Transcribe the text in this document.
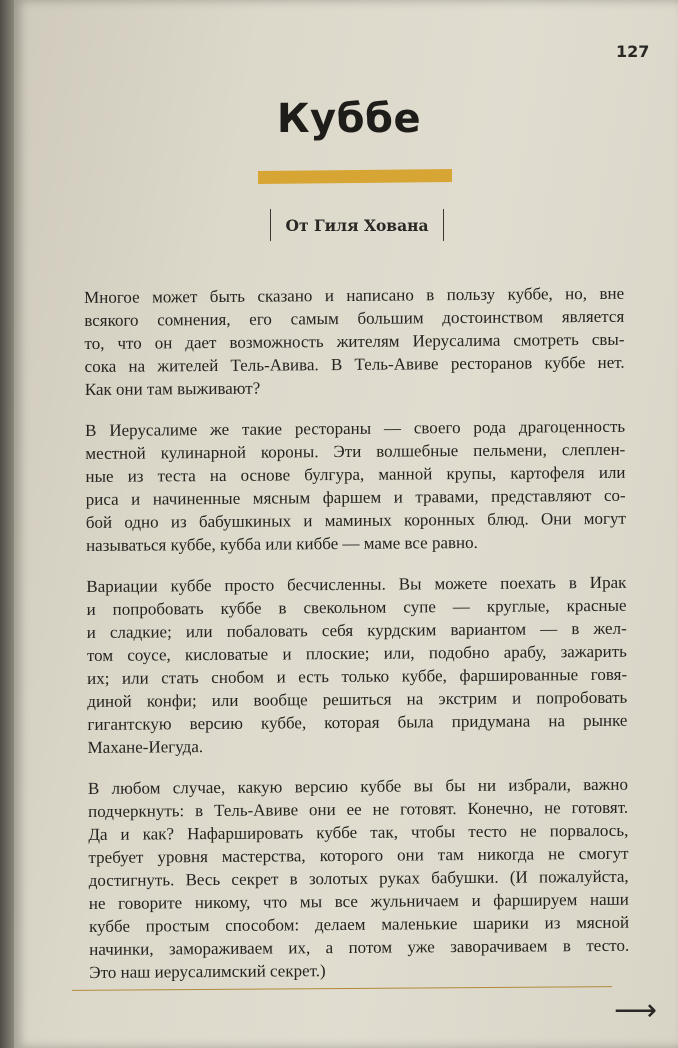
127
Куббе
От Гиля Хована
Многое может быть сказано и написано в пользу куббе, но, вне
всякого сомнения, его самым большим достоинством является
то, что он дает возможность жителям Иерусалима смотреть свы-
сока на жителей Тель-Авива. В Тель-Авиве ресторанов куббе нет.
Как они там выживают?
В Иерусалиме же такие рестораны — своего рода драгоценность
местной кулинарной короны. Эти волшебные пельмени, слеплен-
ные из теста на основе булгура, манной крупы, картофеля или
риса и начиненные мясным фаршем и травами, представляют со-
бой одно из бабушкиных и маминых коронных блюд. Они могут
называться куббе, кубба или киббе — маме все равно.
Вариации куббе просто бесчисленны. Вы можете поехать в Ирак
и попробовать куббе в свекольном супе — круглые, красные
и сладкие; или побаловать себя курдским вариантом — в жел-
том соусе, кисловатые и плоские; или, подобно арабу, зажарить
их; или стать снобом и есть только куббе, фаршированные говя-
диной конфи; или вообще решиться на экстрим и попробовать
гигантскую версию куббе, которая была придумана на рынке
Махане-Иегуда.
В любом случае, какую версию куббе вы бы ни избрали, важно
подчеркнуть: в Тель-Авиве они ее не готовят. Конечно, не готовят.
Да и как? Нафаршировать куббе так, чтобы тесто не порвалось,
требует уровня мастерства, которого они там никогда не смогут
достигнуть. Весь секрет в золотых руках бабушки. (И пожалуйста,
не говорите никому, что мы все жульничаем и фаршируем наши
куббе простым способом: делаем маленькие шарики из мясной
начинки, замораживаем их, а потом уже заворачиваем в тесто.
Это наш иерусалимский секрет.)
⟶
